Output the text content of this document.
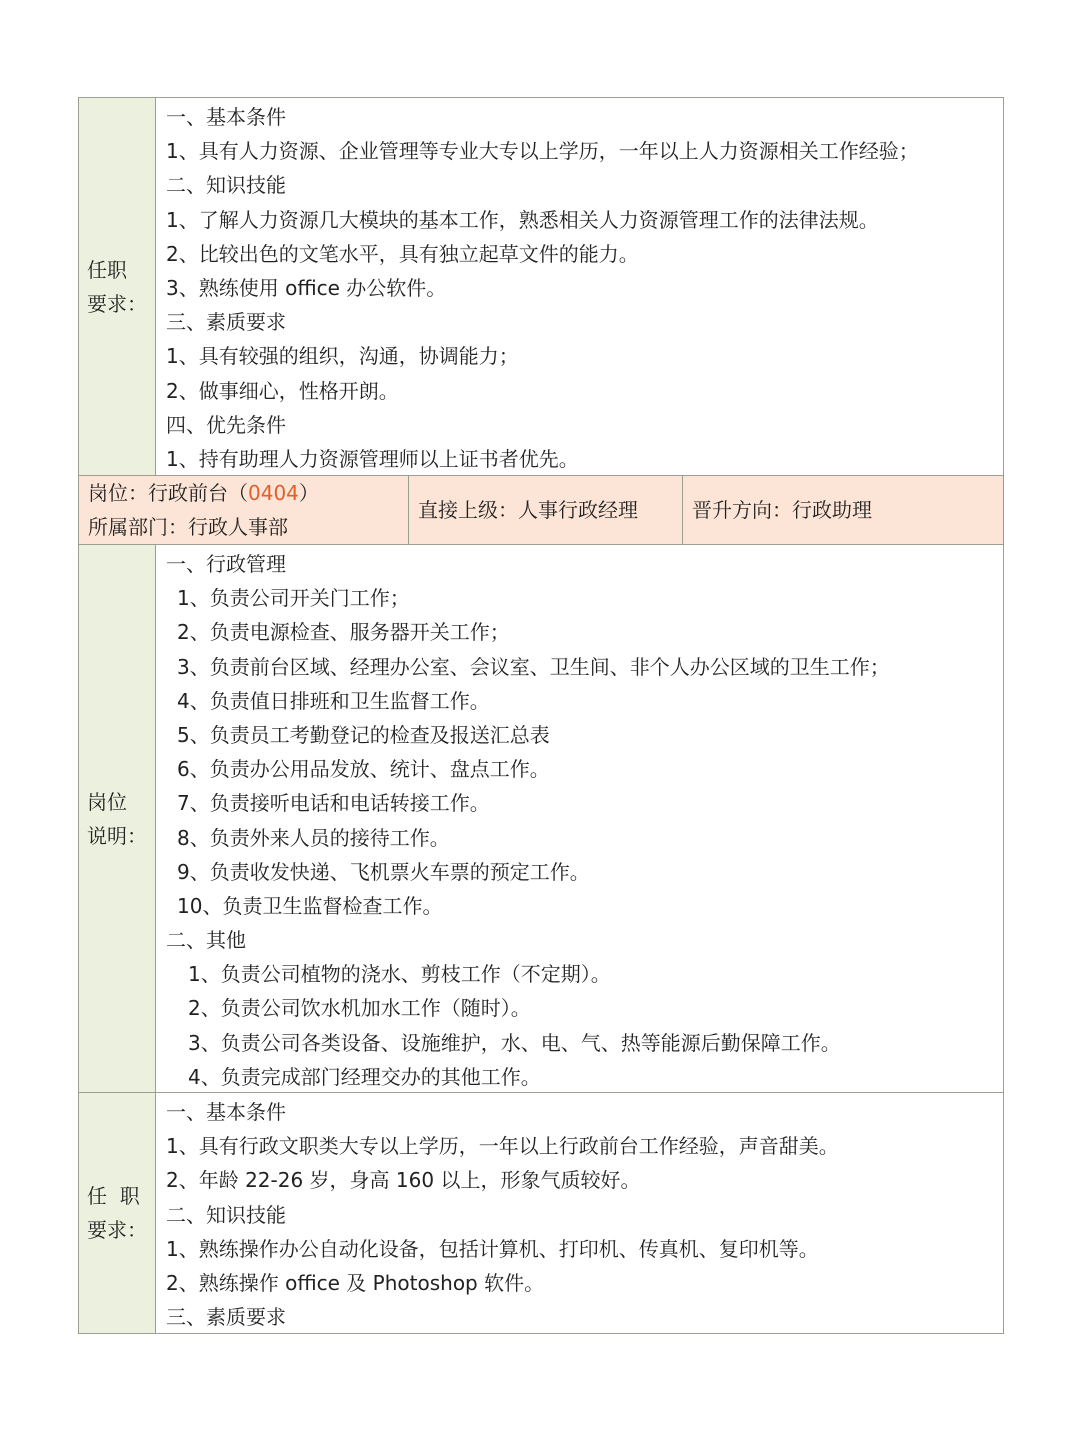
任职
要求：
一、基本条件
1、具有人力资源、企业管理等专业大专以上学历，一年以上人力资源相关工作经验；
二、知识技能
1、了解人力资源几大模块的基本工作，熟悉相关人力资源管理工作的法律法规。
2、比较出色的文笔水平，具有独立起草文件的能力。
3、熟练使用 office 办公软件。
三、素质要求
1、具有较强的组织，沟通，协调能力；
2、做事细心，性格开朗。
四、优先条件
1、持有助理人力资源管理师以上证书者优先。
岗位：行政前台（0404）
所属部门：行政人事部
直接上级：人事行政经理	晋升方向：行政助理
岗位
说明：
一、行政管理
1、负责公司开关门工作；
2、负责电源检查、服务器开关工作；
3、负责前台区域、经理办公室、会议室、卫生间、非个人办公区域的卫生工作；
4、负责值日排班和卫生监督工作。
5、负责员工考勤登记的检查及报送汇总表
6、负责办公用品发放、统计、盘点工作。
7、负责接听电话和电话转接工作。
8、负责外来人员的接待工作。
9、负责收发快递、飞机票火车票的预定工作。
10、负责卫生监督检查工作。
二、其他
1、负责公司植物的浇水、剪枝工作（不定期）。
2、负责公司饮水机加水工作（随时）。
3、负责公司各类设备、设施维护，水、电、气、热等能源后勤保障工作。
4、负责完成部门经理交办的其他工作。
任  职
要求：
一、基本条件
1、具有行政文职类大专以上学历，一年以上行政前台工作经验，声音甜美。
2、年龄 22-26 岁，身高 160 以上，形象气质较好。
二、知识技能
1、熟练操作办公自动化设备，包括计算机、打印机、传真机、复印机等。
2、熟练操作 office 及 Photoshop 软件。
三、素质要求
